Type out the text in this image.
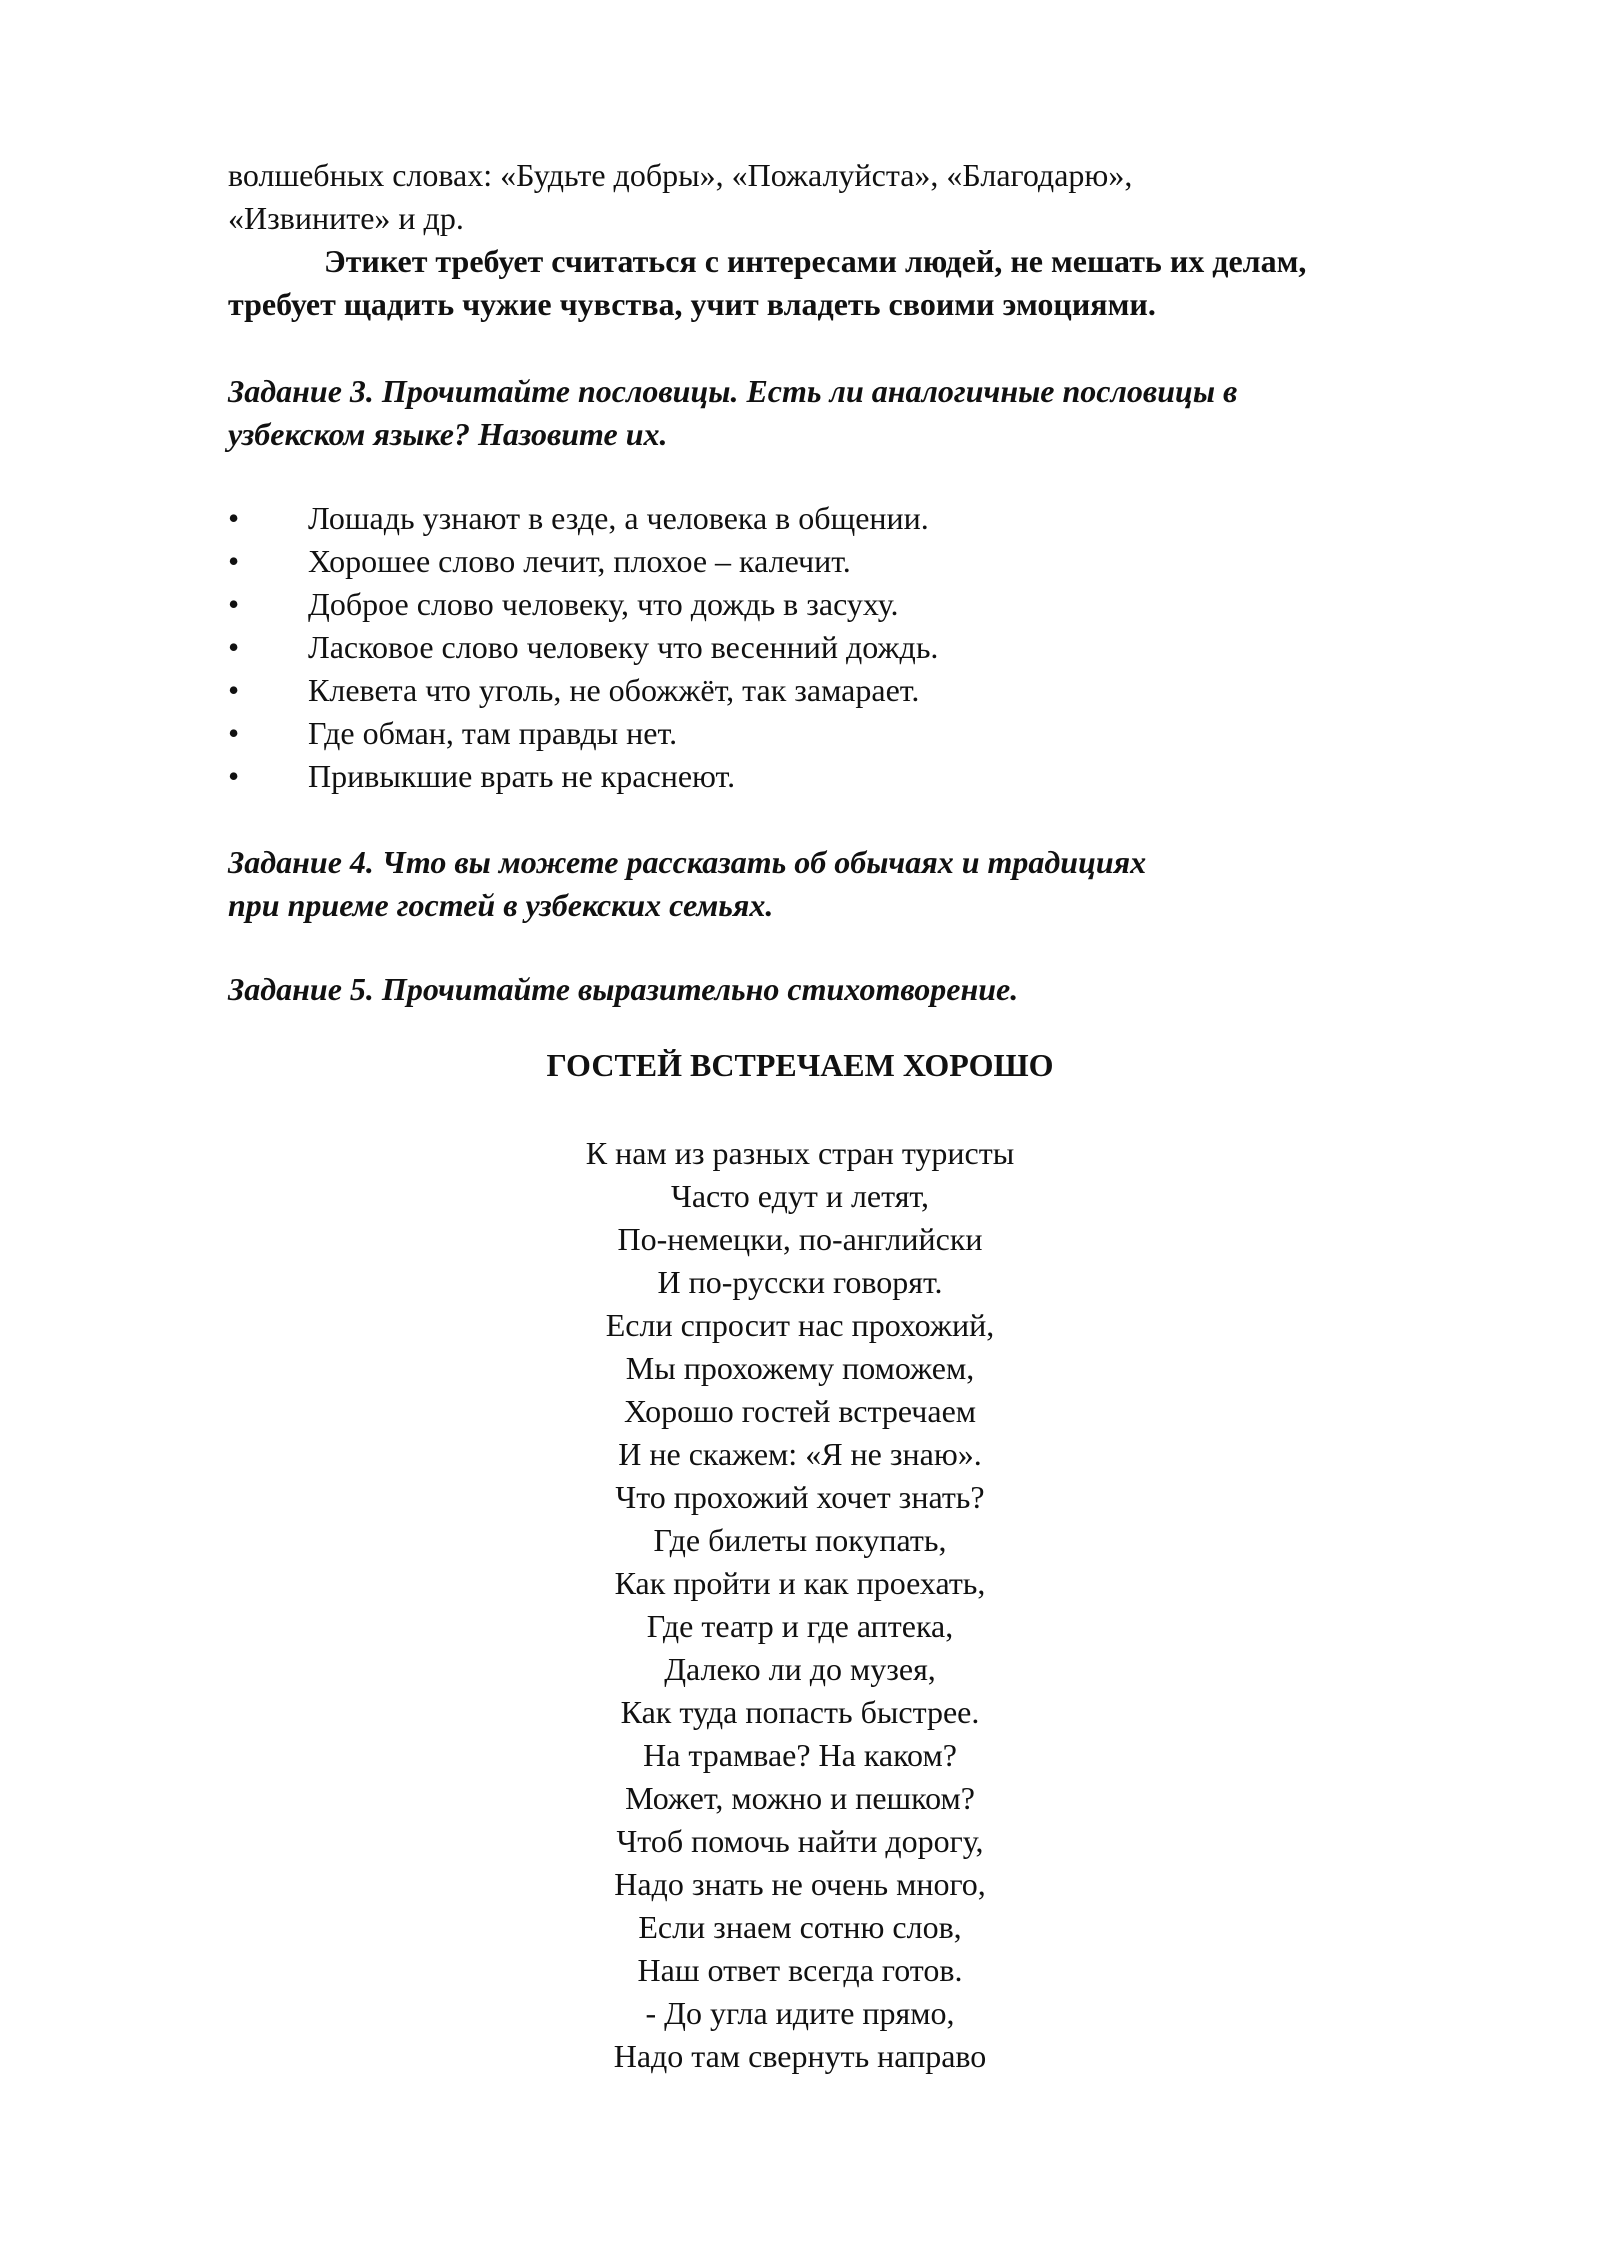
волшебных словах: «Будьте добры», «Пожалуйста», «Благодарю»,
«Извините» и др.
Этикет требует считаться с интересами людей, не мешать их делам,
требует щадить чужие чувства, учит владеть своими эмоциями.
Задание 3. Прочитайте пословицы. Есть ли аналогичные пословицы в
узбекском языке? Назовите их.
•	Лошадь узнают в езде, а человека в общении.
•	Хорошее слово лечит, плохое – калечит.
•	Доброе слово человеку, что дождь в засуху.
•	Ласковое слово человеку что весенний дождь.
•	Клевета что уголь, не обожжёт, так замарает.
•	Где обман, там правды нет.
•	Привыкшие врать не краснеют.
Задание 4. Что вы можете рассказать об обычаях и традициях
при приеме гостей в узбекских семьях.
Задание 5. Прочитайте выразительно стихотворение.
ГОСТЕЙ ВСТРЕЧАЕМ ХОРОШО
К нам из разных стран туристы
Часто едут и летят,
По-немецки, по-английски
И по-русски говорят.
Если спросит нас прохожий,
Мы прохожему поможем,
Хорошо гостей встречаем
И не скажем: «Я не знаю».
Что прохожий хочет знать?
Где билеты покупать,
Как пройти и как проехать,
Где театр и где аптека,
Далеко ли до музея,
Как туда попасть быстрее.
На трамвае? На каком?
Может, можно и пешком?
Чтоб помочь найти дорогу,
Надо знать не очень много,
Если знаем сотню слов,
Наш ответ всегда готов.
- До угла идите прямо,
Надо там свернуть направо
